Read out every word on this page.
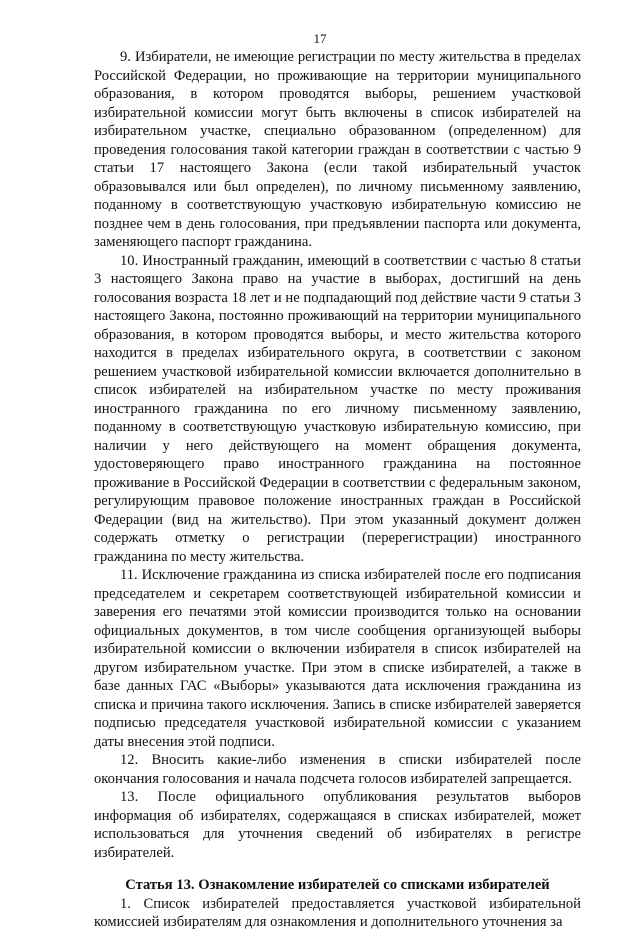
17

9. Избиратели, не имеющие регистрации по месту жительства в пределах Российской Федерации, но проживающие на территории муниципального образования, в котором проводятся выборы, решением участковой избирательной комиссии могут быть включены в список избирателей на избирательном участке, специально образованном (определенном) для проведения голосования такой категории граждан в соответствии с частью 9 статьи 17 настоящего Закона (если такой избирательный участок образовывался или был определен), по личному письменному заявлению, поданному в соответствующую участковую избирательную комиссию не позднее чем в день голосования, при предъявлении паспорта или документа, заменяющего паспорт гражданина.

10. Иностранный гражданин, имеющий в соответствии с частью 8 статьи 3 настоящего Закона право на участие в выборах, достигший на день голосования возраста 18 лет и не подпадающий под действие части 9 статьи 3 настоящего Закона, постоянно проживающий на территории муниципального образования, в котором проводятся выборы, и место жительства которого находится в пределах избирательного округа, в соответствии с законом решением участковой избирательной комиссии включается дополнительно в список избирателей на избирательном участке по месту проживания иностранного гражданина по его личному письменному заявлению, поданному в соответствующую участковую избирательную комиссию, при наличии у него действующего на момент обращения документа, удостоверяющего право иностранного гражданина на постоянное проживание в Российской Федерации в соответствии с федеральным законом, регулирующим правовое положение иностранных граждан в Российской Федерации (вид на жительство). При этом указанный документ должен содержать отметку о регистрации (перерегистрации) иностранного гражданина по месту жительства.

11. Исключение гражданина из списка избирателей после его подписания председателем и секретарем соответствующей избирательной комиссии и заверения его печатями этой комиссии производится только на основании официальных документов, в том числе сообщения организующей выборы избирательной комиссии о включении избирателя в список избирателей на другом избирательном участке. При этом в списке избирателей, а также в базе данных ГАС «Выборы» указываются дата исключения гражданина из списка и причина такого исключения. Запись в списке избирателей заверяется подписью председателя участковой избирательной комиссии с указанием даты внесения этой подписи.

12. Вносить какие-либо изменения в списки избирателей после окончания голосования и начала подсчета голосов избирателей запрещается.

13. После официального опубликования результатов выборов информация об избирателях, содержащаяся в списках избирателей, может использоваться для уточнения сведений об избирателях в регистре избирателей.

Статья 13. Ознакомление избирателей со списками избирателей

1. Список избирателей предоставляется участковой избирательной комиссией избирателям для ознакомления и дополнительного уточнения за
